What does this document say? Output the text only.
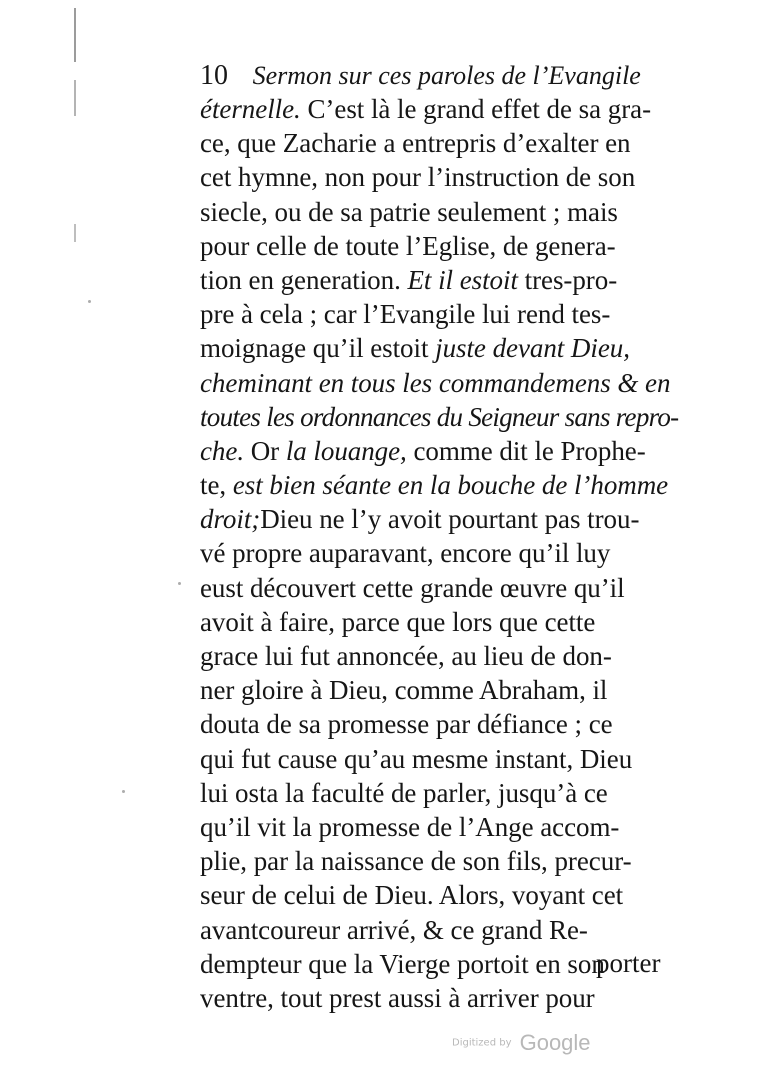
10 Sermon sur ces paroles de l’Evangile
éternelle. C’est là le grand effet de sa gra-
ce, que Zacharie a entrepris d’exalter en
cet hymne, non pour l’instruction de son
siecle, ou de sa patrie seulement ; mais
pour celle de toute l’Eglise, de genera-
tion en generation. Et il estoit tres-pro-
pre à cela ; car l’Evangile lui rend tes-
moignage qu’il estoit juste devant Dieu,
cheminant en tous les commandemens & en
toutes les ordonnances du Seigneur sans repro-
che. Or la louange, comme dit le Prophe-
te, est bien séante en la bouche de l’homme
droit;Dieu ne l’y avoit pourtant pas trou-
vé propre auparavant, encore qu’il luy
eust découvert cette grande œuvre qu’il
avoit à faire, parce que lors que cette
grace lui fut annoncée, au lieu de don-
ner gloire à Dieu, comme Abraham, il
douta de sa promesse par défiance ; ce
qui fut cause qu’au mesme instant, Dieu
lui osta la faculté de parler, jusqu’à ce
qu’il vit la promesse de l’Ange accom-
plie, par la naissance de son fils, precur-
seur de celui de Dieu. Alors, voyant cet
avantcoureur arrivé, & ce grand Re-
dempteur que la Vierge portoit en son
ventre, tout prest aussi à arriver pour
porter
Digitized by Google
